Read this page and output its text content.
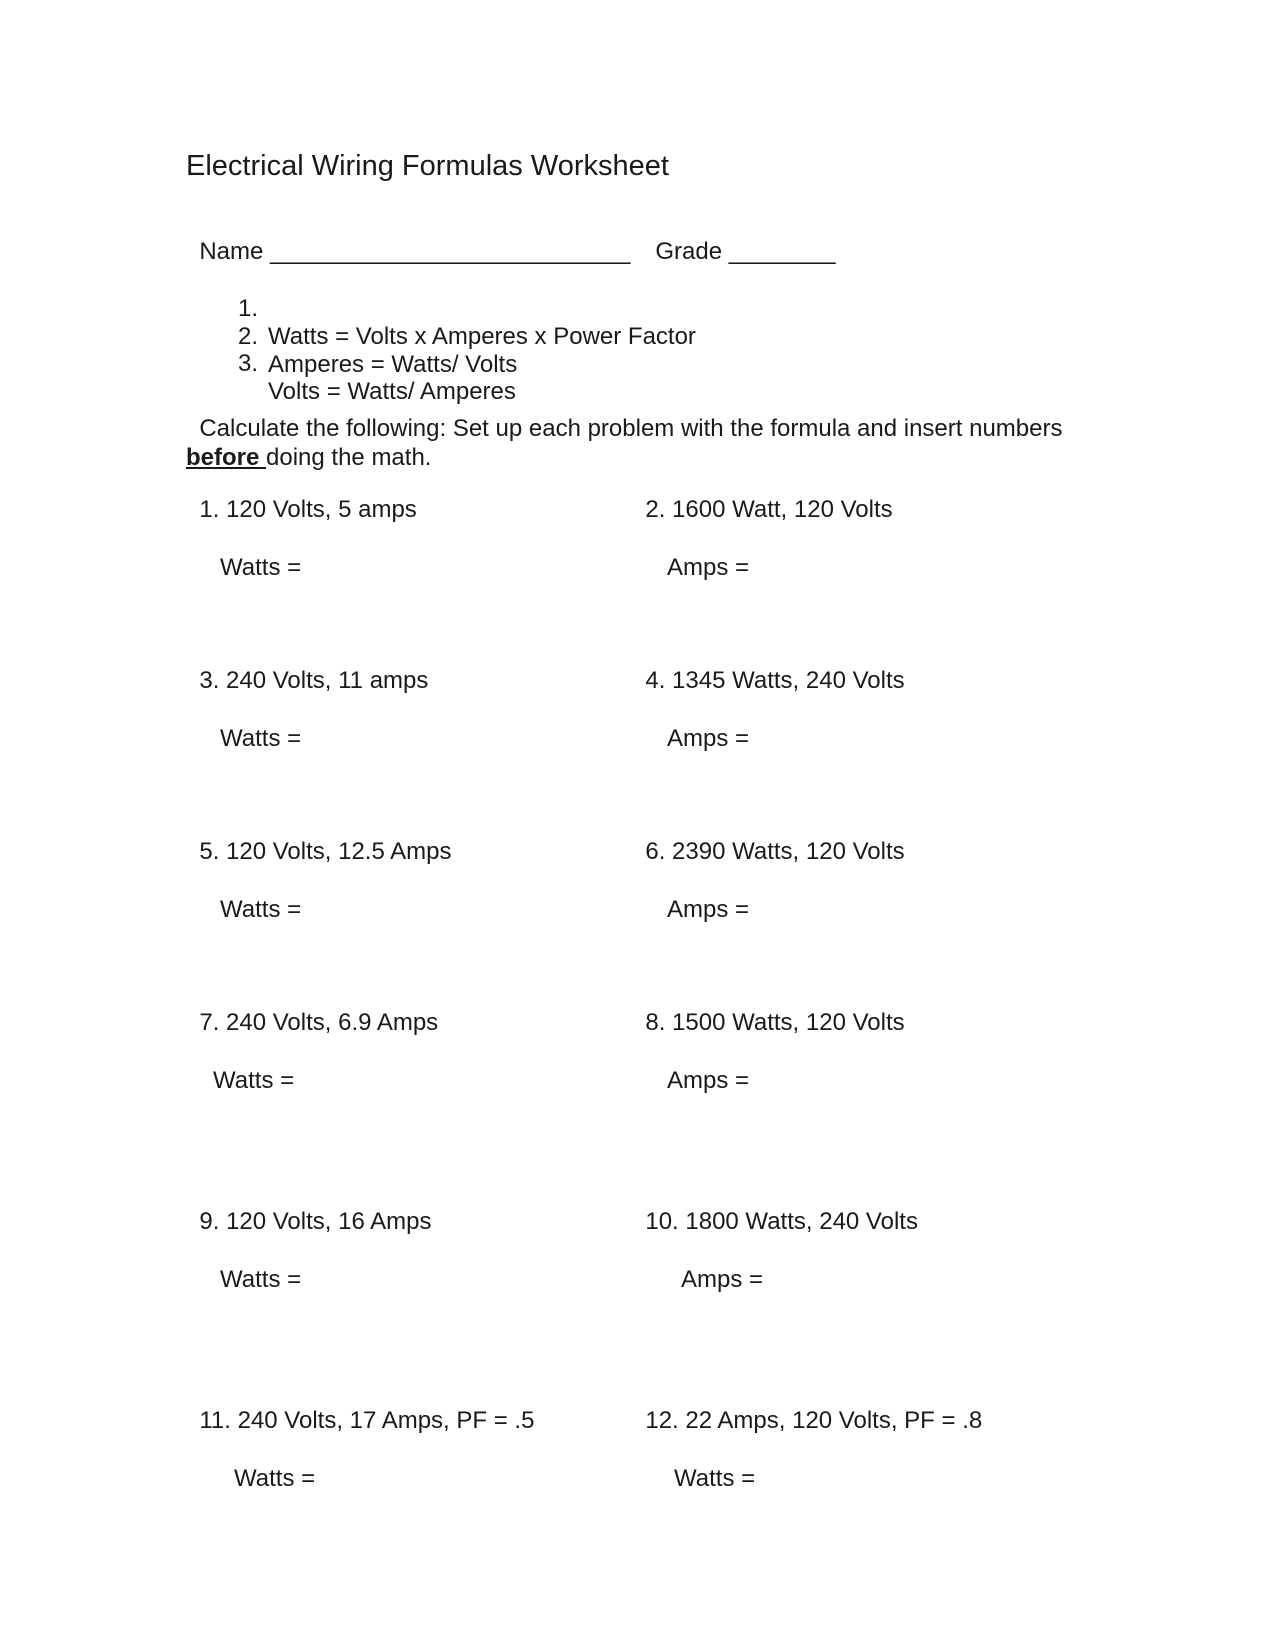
Electrical Wiring Formulas Worksheet

Name ___________________________	Grade ________

1.

Watts = Volts x Amperes x Power Factor

2.

Amperes = Watts/ Volts

3.

Volts = Watts/ Amperes

Calculate the following: Set up each problem with the formula and insert numbers
before doing the math.

1. 120 Volts, 5 amps

Watts =

2. 1600 Watt, 120 Volts

Amps =

3. 240 Volts, 11 amps

Watts =

4. 1345 Watts, 240 Volts

Amps =

5. 120 Volts, 12.5 Amps

Watts =

6. 2390 Watts, 120 Volts

Amps =

7. 240 Volts, 6.9 Amps

Watts =

8. 1500 Watts, 120 Volts

Amps =

9. 120 Volts, 16 Amps

Watts =

10. 1800 Watts, 240 Volts

Amps =

11. 240 Volts, 17 Amps, PF = .5

Watts =

12. 22 Amps, 120 Volts, PF = .8

Watts =
